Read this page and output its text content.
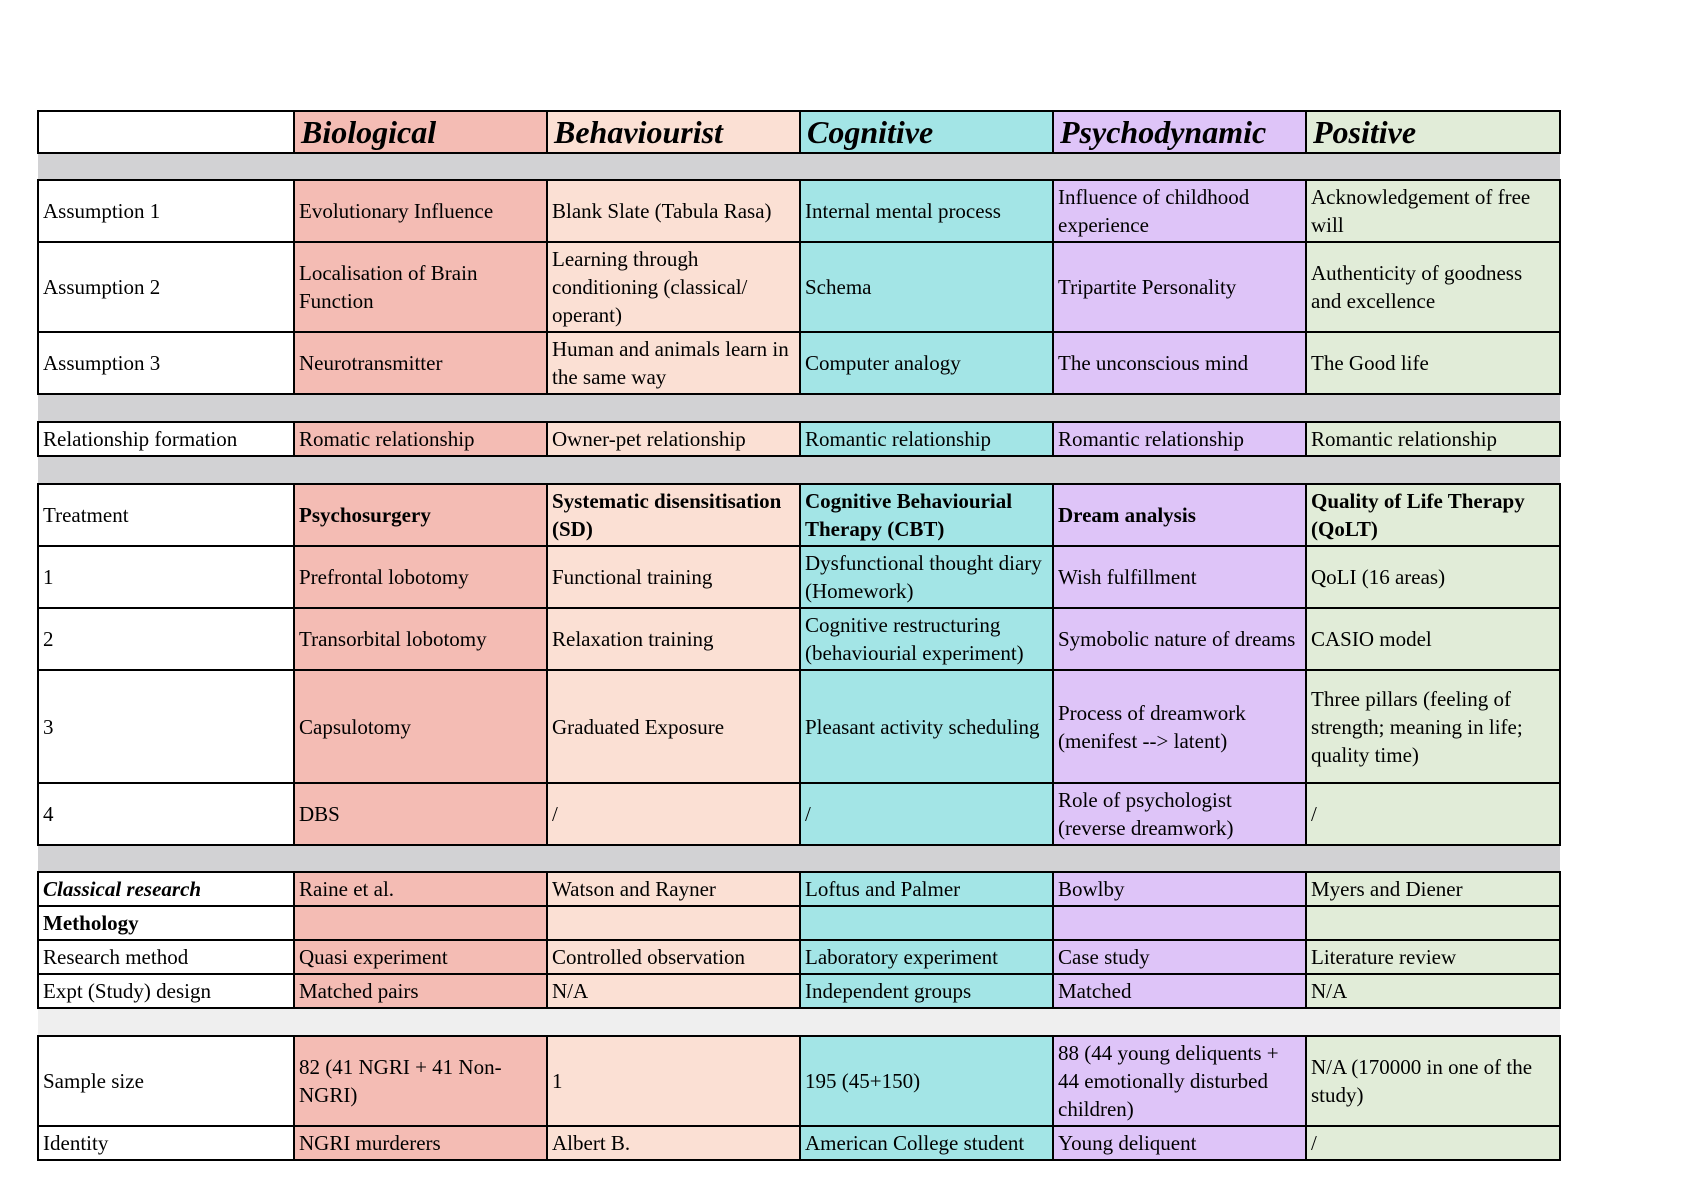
	Biological	Behaviourist	Cognitive	Psychodynamic	Positive

Assumption 1	Evolutionary Influence	Blank Slate (Tabula Rasa)	Internal mental process	Influence of childhood experience	Acknowledgement of free will
Assumption 2	Localisation of Brain Function	Learning through conditioning (classical/ operant)	Schema	Tripartite Personality	Authenticity of goodness and excellence
Assumption 3	Neurotransmitter	Human and animals learn in the same way	Computer analogy	The unconscious mind	The Good life

Relationship formation	Romatic relationship	Owner-pet relationship	Romantic relationship	Romantic relationship	Romantic relationship

Treatment	Psychosurgery	Systematic disensitisation (SD)	Cognitive Behaviourial Therapy (CBT)	Dream analysis	Quality of Life Therapy (QoLT)
1	Prefrontal lobotomy	Functional training	Dysfunctional thought diary (Homework)	Wish fulfillment	QoLI (16 areas)
2	Transorbital lobotomy	Relaxation training	Cognitive restructuring (behaviourial experiment)	Symobolic nature of dreams	CASIO model
3	Capsulotomy	Graduated Exposure	Pleasant activity scheduling	Process of dreamwork (menifest --> latent)	Three pillars (feeling of strength; meaning in life; quality time)
4	DBS	/	/	Role of psychologist (reverse dreamwork)	/

Classical research	Raine et al.	Watson and Rayner	Loftus and Palmer	Bowlby	Myers and Diener
Methology					
Research method	Quasi experiment	Controlled observation	Laboratory experiment	Case study	Literature review
Expt (Study) design	Matched pairs	N/A	Independent groups	Matched	N/A

Sample size	82 (41 NGRI + 41 Non-NGRI)	1	195 (45+150)	88 (44 young deliquents + 44 emotionally disturbed children)	N/A (170000 in one of the study)
Identity	NGRI murderers	Albert B.	American College student	Young deliquent	/
